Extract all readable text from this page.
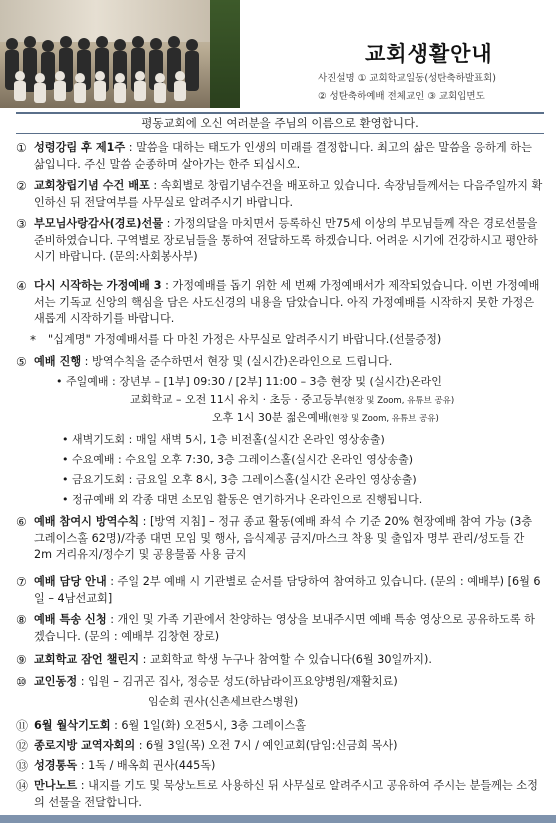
교회생활안내
사진설명 ① 교회학교일동(성탄축하발표회)
② 성탄축하예배 전체교인 ③ 교회입면도
평동교회에 오신 여러분을 주님의 이름으로 환영합니다.
① 성령강림 후 제1주 : 말씀을 대하는 태도가 인생의 미래를 결정합니다. 최고의 삶은 말씀을 응하게 하는 삶입니다. 주신 말씀 순종하며 살아가는 한주 되십시오.
② 교회창립기념 수건 배포 : 속회별로 창립기념수건을 배포하고 있습니다. 속장님들께서는 다음주일까지 확인하신 뒤 전달여부를 사무실로 알려주시기 바랍니다.
③ 부모님사랑감사(경로)선물 : 가정의달을 마치면서 등록하신 만75세 이상의 부모님들께 작은 경로선물을 준비하였습니다. 구역별로 장로님들을 통하여 전달하도록 하겠습니다. 어려운 시기에 건강하시고 평안하시기 바랍니다. (문의:사회봉사부)
④ 다시 시작하는 가정예배 3 : 가정예배를 돕기 위한 세 번째 가정예배서가 제작되었습니다. 이번 가정예배서는 기독교 신앙의 핵심을 담은 사도신경의 내용을 담았습니다. 아직 가정예배를 시작하지 못한 가정은 새롭게 시작하기를 바랍니다.
*	"십계명" 가정예배서를 다 마친 가정은 사무실로 알려주시기 바랍니다.(선물증정)
⑤ 예배 진행 : 방역수칙을 준수하면서 현장 및 (실시간)온라인으로 드립니다.
• 주일예배 : 장년부 – [1부] 09:30 / [2부] 11:00 – 3층 현장 및 (실시간)온라인
교회학교 – 오전 11시 유치 · 초등 · 중고등부(현장 및 Zoom, 유튜브 공유)
오후 1시 30분 젊은예배(현장 및 Zoom, 유튜브 공유)
• 새벽기도회 : 매일 새벽 5시, 1층 비전홀(실시간 온라인 영상송출)
• 수요예배 : 수요일 오후 7:30, 3층 그레이스홀(실시간 온라인 영상송출)
• 금요기도회 : 금요일 오후 8시, 3층 그레이스홀(실시간 온라인 영상송출)
• 정규예배 외 각종 대면 소모임 활동은 연기하거나 온라인으로 진행됩니다.
⑥ 예배 참여시 방역수칙 : [방역 지침] – 정규 종교 활동(예배 좌석 수 기준 20% 현장예배 참여 가능 (3층 그레이스홀 62명)/각종 대면 모임 및 행사, 음식제공 금지/마스크 착용 및 출입자 명부 관리/성도들 간 2m 거리유지/정수기 및 공용물품 사용 금지
⑦ 예배 담당 안내 : 주일 2부 예배 시 기관별로 순서를 담당하여 참여하고 있습니다. (문의 : 예배부) [6월 6일 – 4남선교회]
⑧ 예배 특송 신청 : 개인 및 가족 기관에서 찬양하는 영상을 보내주시면 예배 특송 영상으로 공유하도록 하겠습니다. (문의 : 예배부 김창현 장로)
⑨ 교회학교 잠언 챌린지 : 교회학교 학생 누구나 참여할 수 있습니다(6월 30일까지).
⑩ 교인동정 : 입원 – 김귀곤 집사, 정승문 성도(하남라이프요양병원/재활치료)
임순희 권사(신촌세브란스병원)
⑪ 6월 월삭기도회 : 6월 1일(화) 오전5시, 3층 그레이스홀
⑫ 종로지방 교역자회의 : 6월 3일(목) 오전 7시 / 예인교회(담임:신금희 목사)
⑬ 성경통독 : 1독 / 배옥희 권사(445독)
⑭ 만나노트 : 내지를 기도 및 묵상노트로 사용하신 뒤 사무실로 알려주시고 공유하여 주시는 분들께는 소정의 선물을 전달합니다.
